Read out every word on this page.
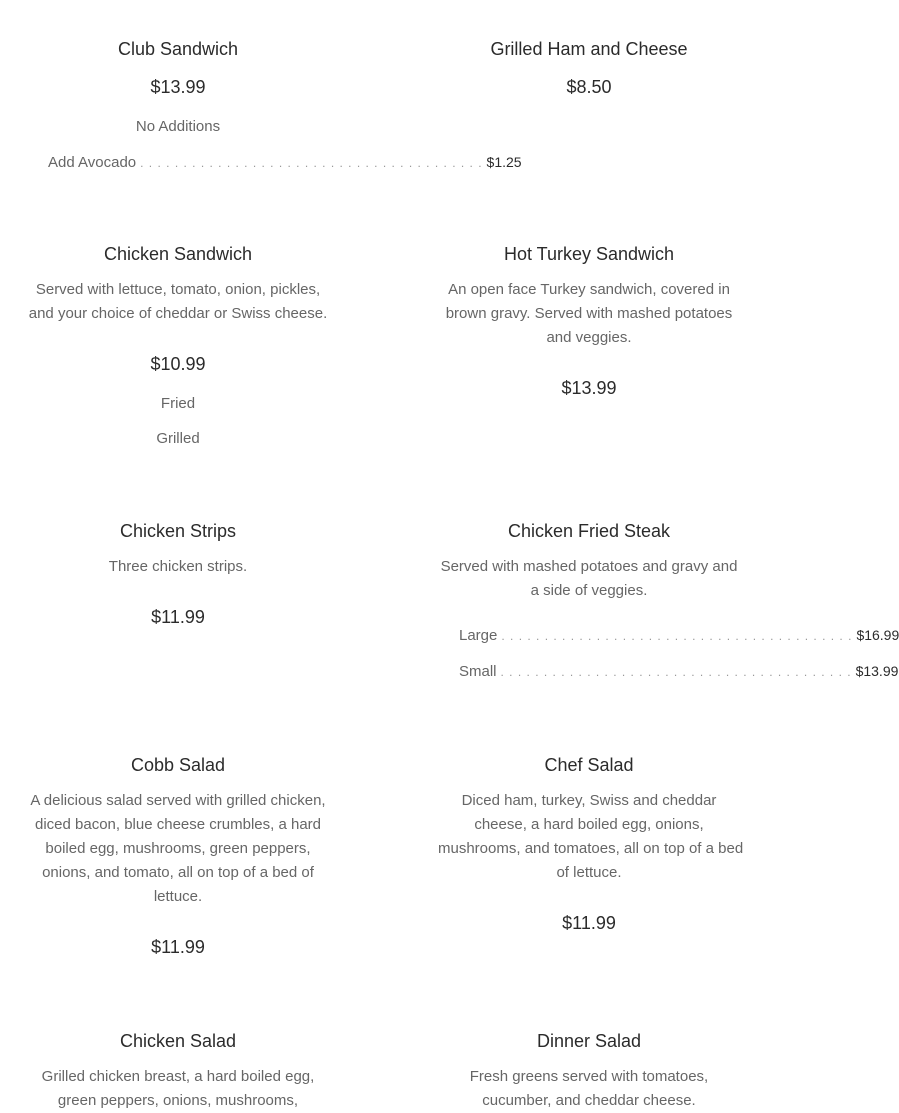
Club Sandwich
$13.99
No Additions
Add Avocado . . . . . . . . . . . . . . . . . . . . . . . . . . . . . . . . . . . . . . . . $1.25
Grilled Ham and Cheese
$8.50
Chicken Sandwich
Served with lettuce, tomato, onion, pickles,
and your choice of cheddar or Swiss cheese.
$10.99
Fried
Grilled
Hot Turkey Sandwich
An open face Turkey sandwich, covered in
brown gravy. Served with mashed potatoes
and veggies.
$13.99
Chicken Strips
Three chicken strips.
$11.99
Chicken Fried Steak
Served with mashed potatoes and gravy and
a side of veggies.
Large . . . . . . . . . . . . . . . . . . . . . . . . . . . . . . . . . . . . . . . . . $16.99
Small . . . . . . . . . . . . . . . . . . . . . . . . . . . . . . . . . . . . . . . . . $13.99
Cobb Salad
A delicious salad served with grilled chicken,
diced bacon, blue cheese crumbles, a hard
boiled egg, mushrooms, green peppers,
onions, and tomato, all on top of a bed of
lettuce.
$11.99
Chef Salad
Diced ham, turkey, Swiss and cheddar
cheese, a hard boiled egg, onions,
mushrooms, and tomatoes, all on top of a bed
of lettuce.
$11.99
Chicken Salad
Grilled chicken breast, a hard boiled egg,
green peppers, onions, mushrooms,
Dinner Salad
Fresh greens served with tomatoes,
cucumber, and cheddar cheese.
